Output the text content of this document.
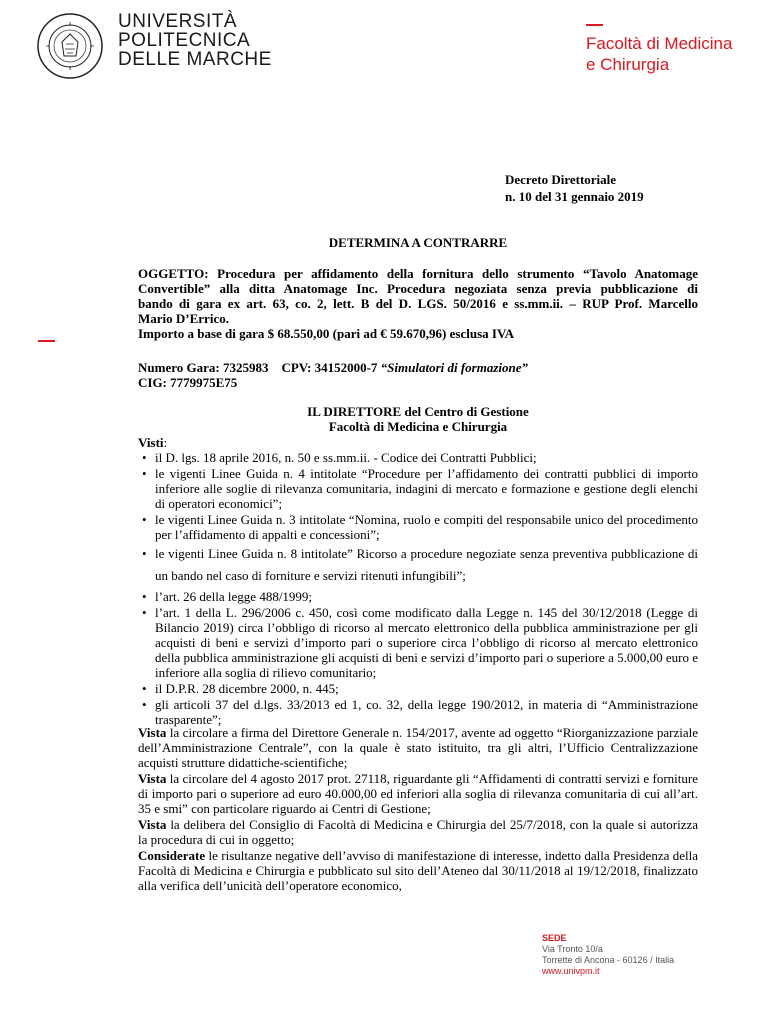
UNIVERSITÀ
POLITECNICA
DELLE MARCHE
Facoltà di Medicina
e Chirurgia
Decreto Direttoriale
n. 10 del 31 gennaio 2019
DETERMINA A CONTRARRE
OGGETTO: Procedura per affidamento della fornitura dello strumento “Tavolo Anatomage
Convertible” alla ditta Anatomage Inc. Procedura negoziata senza previa pubblicazione di
bando di gara ex art. 63, co. 2, lett. B del D. LGS. 50/2016 e ss.mm.ii. – RUP Prof. Marcello
Mario D’Errico.
Importo a base di gara $ 68.550,00 (pari ad € 59.670,96) esclusa IVA
Numero Gara: 7325983 CPV: 34152000-7 “Simulatori di formazione”
CIG: 7779975E75
IL DIRETTORE del Centro di Gestione
Facoltà di Medicina e Chirurgia
Visti:
• il D. lgs. 18 aprile 2016, n. 50 e ss.mm.ii. - Codice dei Contratti Pubblici;
• le vigenti Linee Guida n. 4 intitolate “Procedure per l’affidamento dei contratti pubblici di importo inferiore alle soglie di rilevanza comunitaria, indagini di mercato e formazione e gestione degli elenchi di operatori economici”;
• le vigenti Linee Guida n. 3 intitolate “Nomina, ruolo e compiti del responsabile unico del procedimento per l’affidamento di appalti e concessioni”;
• le vigenti Linee Guida n. 8 intitolate” Ricorso a procedure negoziate senza preventiva pubblicazione di un bando nel caso di forniture e servizi ritenuti infungibili”;
• l’art. 26 della legge 488/1999;
• l’art. 1 della L. 296/2006 c. 450, così come modificato dalla Legge n. 145 del 30/12/2018 (Legge di Bilancio 2019) circa l’obbligo di ricorso al mercato elettronico della pubblica amministrazione per gli acquisti di beni e servizi d’importo pari o superiore circa l’obbligo di ricorso al mercato elettronico della pubblica amministrazione gli acquisti di beni e servizi d’importo pari o superiore a 5.000,00 euro e inferiore alla soglia di rilievo comunitario;
• il D.P.R. 28 dicembre 2000, n. 445;
• gli articoli 37 del d.lgs. 33/2013 ed 1, co. 32, della legge 190/2012, in materia di “Amministrazione trasparente”;

Vista la circolare a firma del Direttore Generale n. 154/2017, avente ad oggetto “Riorganizzazione parziale dell’Amministrazione Centrale”, con la quale è stato istituito, tra gli altri, l’Ufficio Centralizzazione acquisti strutture didattiche-scientifiche;

Vista la circolare del 4 agosto 2017 prot. 27118, riguardante gli “Affidamenti di contratti servizi e forniture di importo pari o superiore ad euro 40.000,00 ed inferiori alla soglia di rilevanza comunitaria di cui all’art. 35 e smi” con particolare riguardo ai Centri di Gestione;

Vista la delibera del Consiglio di Facoltà di Medicina e Chirurgia del 25/7/2018, con la quale si autorizza la procedura di cui in oggetto;

Considerate le risultanze negative dell’avviso di manifestazione di interesse, indetto dalla Presidenza della Facoltà di Medicina e Chirurgia e pubblicato sul sito dell’Ateneo dal 30/11/2018 al 19/12/2018, finalizzato alla verifica dell’unicità dell’operatore economico,

SEDE
Via Tronto 10/a
Torrette di Ancona - 60126 / Italia
www.univpm.it
